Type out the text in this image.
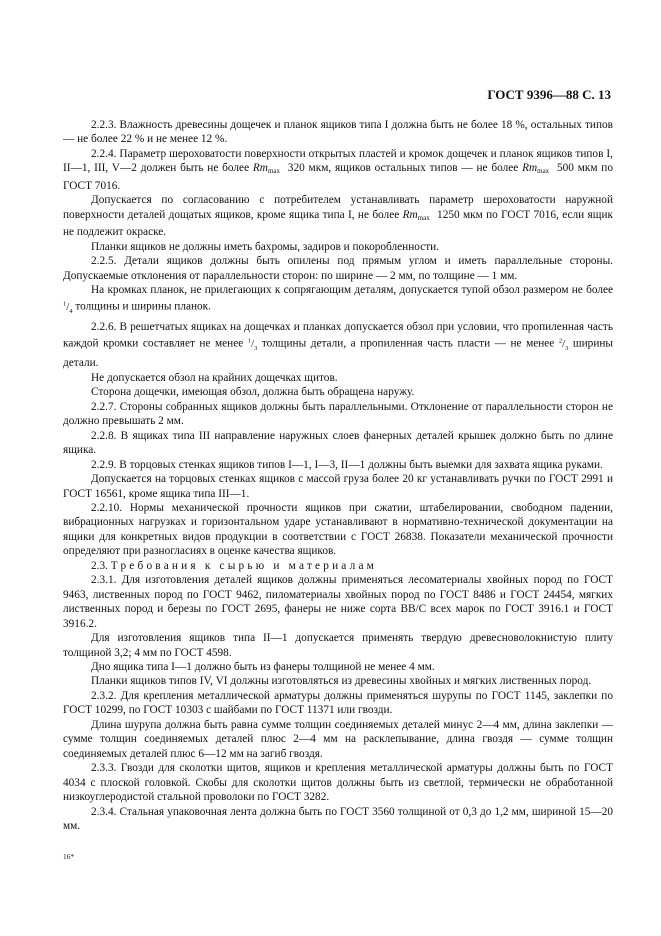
ГОСТ 9396—88 С. 13

2.2.3. Влажность древесины дощечек и планок ящиков типа I должна быть не более 18 %, остальных типов — не более 22 % и не менее 12 %.

2.2.4. Параметр шероховатости поверхности открытых пластей и кромок дощечек и планок ящиков типов I, II—1, III, V—2 должен быть не более $Rm_{max}$ 320 мкм, ящиков остальных типов — не более $Rm_{max}$ 500 мкм по ГОСТ 7016.

Допускается по согласованию с потребителем устанавливать параметр шероховатости наружной поверхности деталей дощатых ящиков, кроме ящика типа I, не более $Rm_{max}$ 1250 мкм по ГОСТ 7016, если ящик не подлежит окраске.

Планки ящиков не должны иметь бахромы, задиров и покоробленности.

2.2.5. Детали ящиков должны быть опилены под прямым углом и иметь параллельные стороны. Допускаемые отклонения от параллельности сторон: по ширине — 2 мм, по толщине — 1 мм.

На кромках планок, не прилегающих к сопрягающим деталям, допускается тупой обзол размером не более $^1/_4$ толщины и ширины планок.

2.2.6. В решетчатых ящиках на дощечках и планках допускается обзол при условии, что пропиленная часть каждой кромки составляет не менее $^1/_3$ толщины детали, а пропиленная часть пласти — не менее $^2/_3$ ширины детали.

Не допускается обзол на крайних дощечках щитов.

Сторона дощечки, имеющая обзол, должна быть обращена наружу.

2.2.7. Стороны собранных ящиков должны быть параллельными. Отклонение от параллельности сторон не должно превышать 2 мм.

2.2.8. В ящиках типа III направление наружных слоев фанерных деталей крышек должно быть по длине ящика.

2.2.9. В торцовых стенках ящиков типов I—1, I—3, II—1 должны быть выемки для захвата ящика руками.

Допускается на торцовых стенках ящиков с массой груза более 20 кг устанавливать ручки по ГОСТ 2991 и ГОСТ 16561, кроме ящика типа III—1.

2.2.10. Нормы механической прочности ящиков при сжатии, штабелировании, свободном падении, вибрационных нагрузках и горизонтальном ударе устанавливают в нормативно-технической документации на ящики для конкретных видов продукции в соответствии с ГОСТ 26838. Показатели механической прочности определяют при разногласиях в оценке качества ящиков.

2.3. Требования к сырью и материалам

2.3.1. Для изготовления деталей ящиков должны применяться лесоматериалы хвойных пород по ГОСТ 9463, лиственных пород по ГОСТ 9462, пиломатериалы хвойных пород по ГОСТ 8486 и ГОСТ 24454, мягких лиственных пород и березы по ГОСТ 2695, фанеры не ниже сорта ВВ/С всех марок по ГОСТ 3916.1 и ГОСТ 3916.2.

Для изготовления ящиков типа II—1 допускается применять твердую древесноволокнистую плиту толщиной 3,2; 4 мм по ГОСТ 4598.

Дно ящика типа I—1 должно быть из фанеры толщиной не менее 4 мм.

Планки ящиков типов IV, VI должны изготовляться из древесины хвойных и мягких лиственных пород.

2.3.2. Для крепления металлической арматуры должны применяться шурупы по ГОСТ 1145, заклепки по ГОСТ 10299, по ГОСТ 10303 с шайбами по ГОСТ 11371 или гвозди.

Длина шурупа должна быть равна сумме толщин соединяемых деталей минус 2—4 мм, длина заклепки — сумме толщин соединяемых деталей плюс 2—4 мм на расклепывание, длина гвоздя — сумме толщин соединяемых деталей плюс 6—12 мм на загиб гвоздя.

2.3.3. Гвозди для сколотки щитов, ящиков и крепления металлической арматуры должны быть по ГОСТ 4034 с плоской головкой. Скобы для сколотки щитов должны быть из светлой, термически не обработанной низкоуглеродистой стальной проволоки по ГОСТ 3282.

2.3.4. Стальная упаковочная лента должна быть по ГОСТ 3560 толщиной от 0,3 до 1,2 мм, шириной 15—20 мм.

16*
